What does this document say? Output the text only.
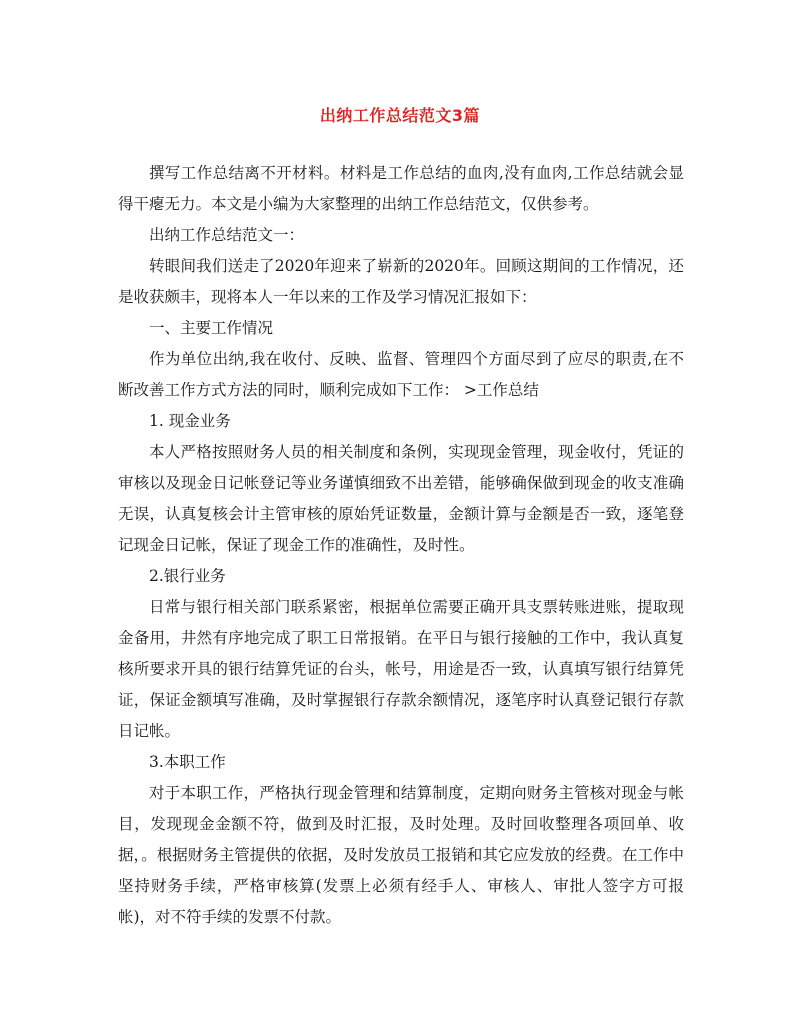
出纳工作总结范文3篇

撰写工作总结离不开材料。材料是工作总结的血肉,没有血肉,工作总结就会显得干瘪无力。本文是小编为大家整理的出纳工作总结范文，仅供参考。

出纳工作总结范文一：

转眼间我们送走了2020年迎来了崭新的2020年。回顾这期间的工作情况，还是收获颇丰，现将本人一年以来的工作及学习情况汇报如下：

一、主要工作情况

作为单位出纳,我在收付、反映、监督、管理四个方面尽到了应尽的职责,在不断改善工作方式方法的同时，顺利完成如下工作： >工作总结

1. 现金业务

本人严格按照财务人员的相关制度和条例，实现现金管理，现金收付，凭证的审核以及现金日记帐登记等业务谨慎细致不出差错，能够确保做到现金的收支准确无误，认真复核会计主管审核的原始凭证数量，金额计算与金额是否一致，逐笔登记现金日记帐，保证了现金工作的准确性，及时性。

2.银行业务

日常与银行相关部门联系紧密，根据单位需要正确开具支票转账进账，提取现金备用，井然有序地完成了职工日常报销。在平日与银行接触的工作中，我认真复核所要求开具的银行结算凭证的台头，帐号，用途是否一致，认真填写银行结算凭证，保证金额填写准确，及时掌握银行存款余额情况，逐笔序时认真登记银行存款日记帐。

3.本职工作

对于本职工作，严格执行现金管理和结算制度，定期向财务主管核对现金与帐目，发现现金金额不符，做到及时汇报，及时处理。及时回收整理各项回单、收据，。根据财务主管提供的依据，及时发放员工报销和其它应发放的经费。在工作中坚持财务手续，严格审核算(发票上必须有经手人、审核人、审批人签字方可报帐)，对不符手续的发票不付款。
